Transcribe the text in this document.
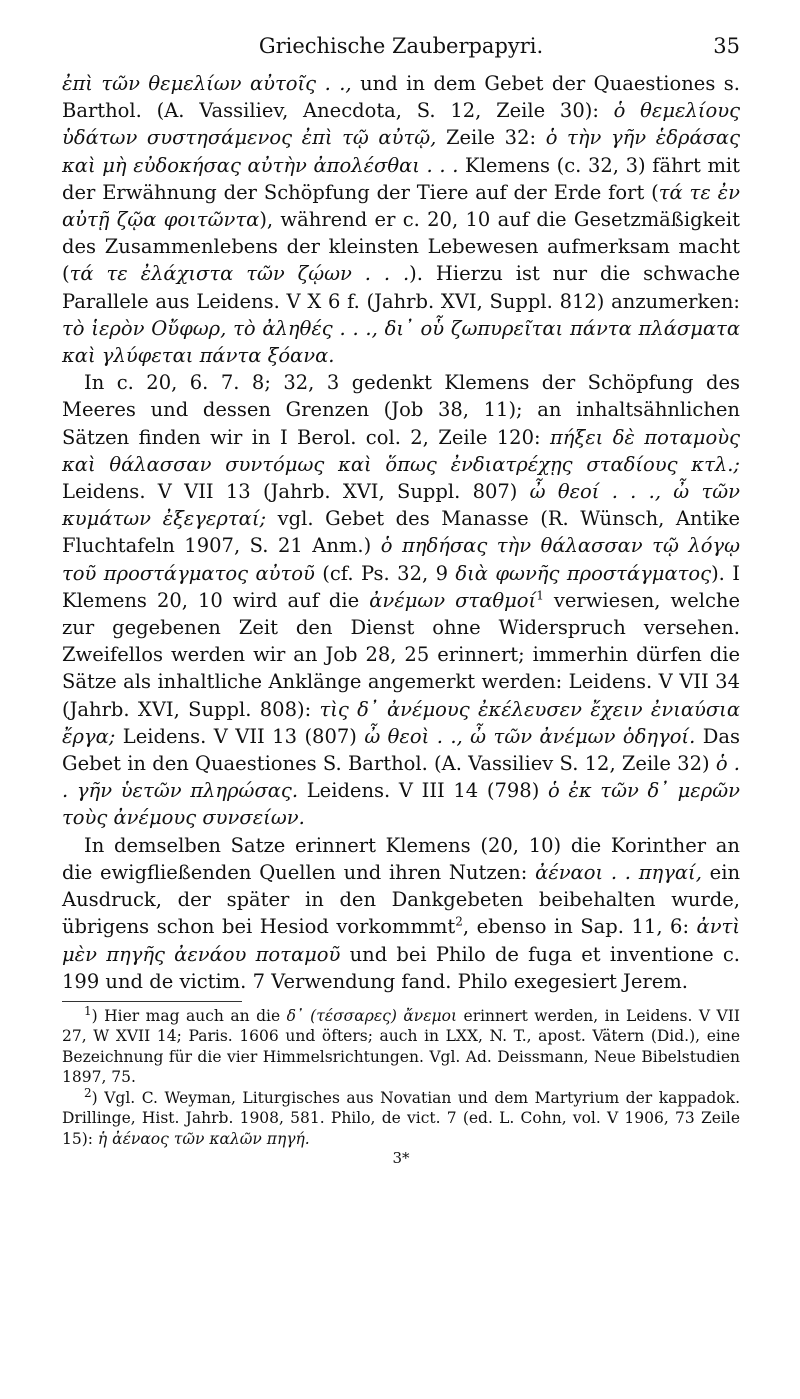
Griechische Zauberpapyri.	35

ἐπὶ τῶν θεμελίων αὐτοῖς . ., und in dem Gebet der Quaestiones s. Barthol. (A. Vassiliev, Anecdota, S. 12, Zeile 30): ὁ θεμελίους ὑδάτων συστησάμενος ἐπὶ τῷ αὐτῷ, Zeile 32: ὁ τὴν γῆν ἑδράσας καὶ μὴ εὐδοκήσας αὐτὴν ἀπολέσθαι . . . Klemens (c. 32, 3) fährt mit der Erwähnung der Schöpfung der Tiere auf der Erde fort (τά τε ἐν αὐτῇ ζῷα φοιτῶντα), während er c. 20, 10 auf die Gesetzmäßigkeit des Zusammenlebens der kleinsten Lebewesen aufmerksam macht (τά τε ἐλάχιστα τῶν ζῴων . . .). Hierzu ist nur die schwache Parallele aus Leidens. V X 6 f. (Jahrb. XVI, Suppl. 812) anzumerken: τὸ ἱερὸν Οὔφωρ, τὸ ἀληθές . . ., δι᾽ οὗ ζωπυρεῖται πάντα πλάσματα καὶ γλύφεται πάντα ξόανα.

In c. 20, 6. 7. 8; 32, 3 gedenkt Klemens der Schöpfung des Meeres und dessen Grenzen (Job 38, 11); an inhaltsähnlichen Sätzen finden wir in I Berol. col. 2, Zeile 120: πήξει δὲ ποταμοὺς καὶ θάλασσαν συντόμως καὶ ὅπως ἐνδιατρέχῃς σταδίους κτλ.; Leidens. V VII 13 (Jahrb. XVI, Suppl. 807) ὦ θεοί . . ., ὦ τῶν κυμάτων ἐξεγερταί; vgl. Gebet des Manasse (R. Wünsch, Antike Fluchtafeln 1907, S. 21 Anm.) ὁ πηδήσας τὴν θάλασσαν τῷ λόγῳ τοῦ προστάγματος αὐτοῦ (cf. Ps. 32, 9 διὰ φωνῆς προστάγματος). I Klemens 20, 10 wird auf die ἀνέμων σταθμοί$^1$ verwiesen, welche zur gegebenen Zeit den Dienst ohne Widerspruch versehen. Zweifellos werden wir an Job 28, 25 erinnert; immerhin dürfen die Sätze als inhaltliche Anklänge angemerkt werden: Leidens. V VII 34 (Jahrb. XVI, Suppl. 808): τὶς δ᾽ ἀνέμους ἐκέλευσεν ἔχειν ἐνιαύσια ἔργα; Leidens. V VII 13 (807) ὦ θεοὶ . ., ὦ τῶν ἀνέμων ὁδηγοί. Das Gebet in den Quaestiones S. Barthol. (A. Vassiliev S. 12, Zeile 32) ὁ . . γῆν ὑετῶν πληρώσας. Leidens. V III 14 (798) ὁ ἐκ τῶν δ᾽ μερῶν τοὺς ἀνέμους συνσείων.

In demselben Satze erinnert Klemens (20, 10) die Korinther an die ewigfließenden Quellen und ihren Nutzen: ἀέναοι . . πηγαί, ein Ausdruck, der später in den Dankgebeten beibehalten wurde, übrigens schon bei Hesiod vorkommmt$^2$, ebenso in Sap. 11, 6: ἀντὶ μὲν πηγῆς ἀενάου ποταμοῦ und bei Philo de fuga et inventione c. 199 und de victim. 7 Verwendung fand. Philo exegesiert Jerem.

$^1$) Hier mag auch an die δ᾽ (τέσσαρες) ἄνεμοι erinnert werden, in Leidens. V VII 27, W XVII 14; Paris. 1606 und öfters; auch in LXX, N. T., apost. Vätern (Did.), eine Bezeichnung für die vier Himmelsrichtungen. Vgl. Ad. Deissmann, Neue Bibelstudien 1897, 75.

$^2$) Vgl. C. Weyman, Liturgisches aus Novatian und dem Martyrium der kappadok. Drillinge, Hist. Jahrb. 1908, 581. Philo, de vict. 7 (ed. L. Cohn, vol. V 1906, 73 Zeile 15): ἡ ἀέναος τῶν καλῶν πηγή.

3*
